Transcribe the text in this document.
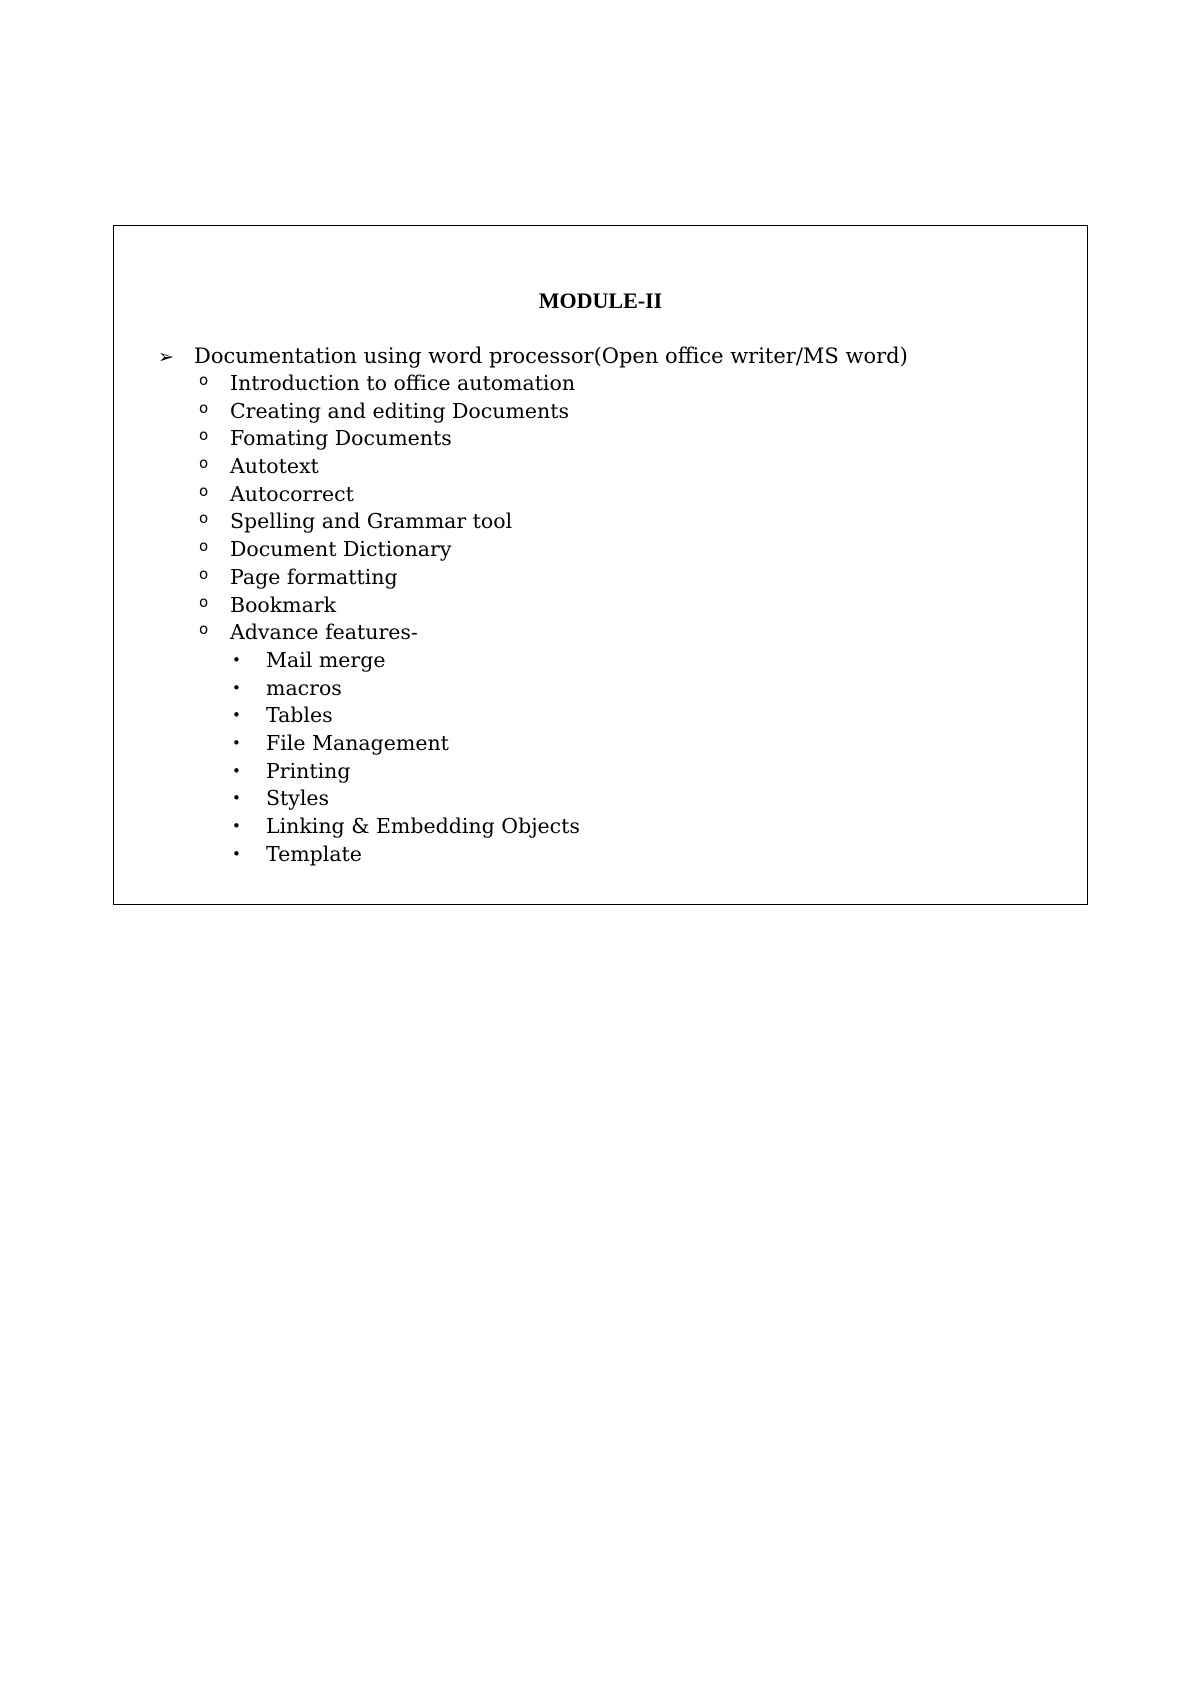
MODULE-II
➢ Documentation using word processor(Open office writer/MS word)
o Introduction to office automation
o Creating and editing Documents
o Fomating Documents
o Autotext
o Autocorrect
o Spelling and Grammar tool
o Document Dictionary
o Page formatting
o Bookmark
o Advance features-
• Mail merge
• macros
• Tables
• File Management
• Printing
• Styles
• Linking & Embedding Objects
• Template
